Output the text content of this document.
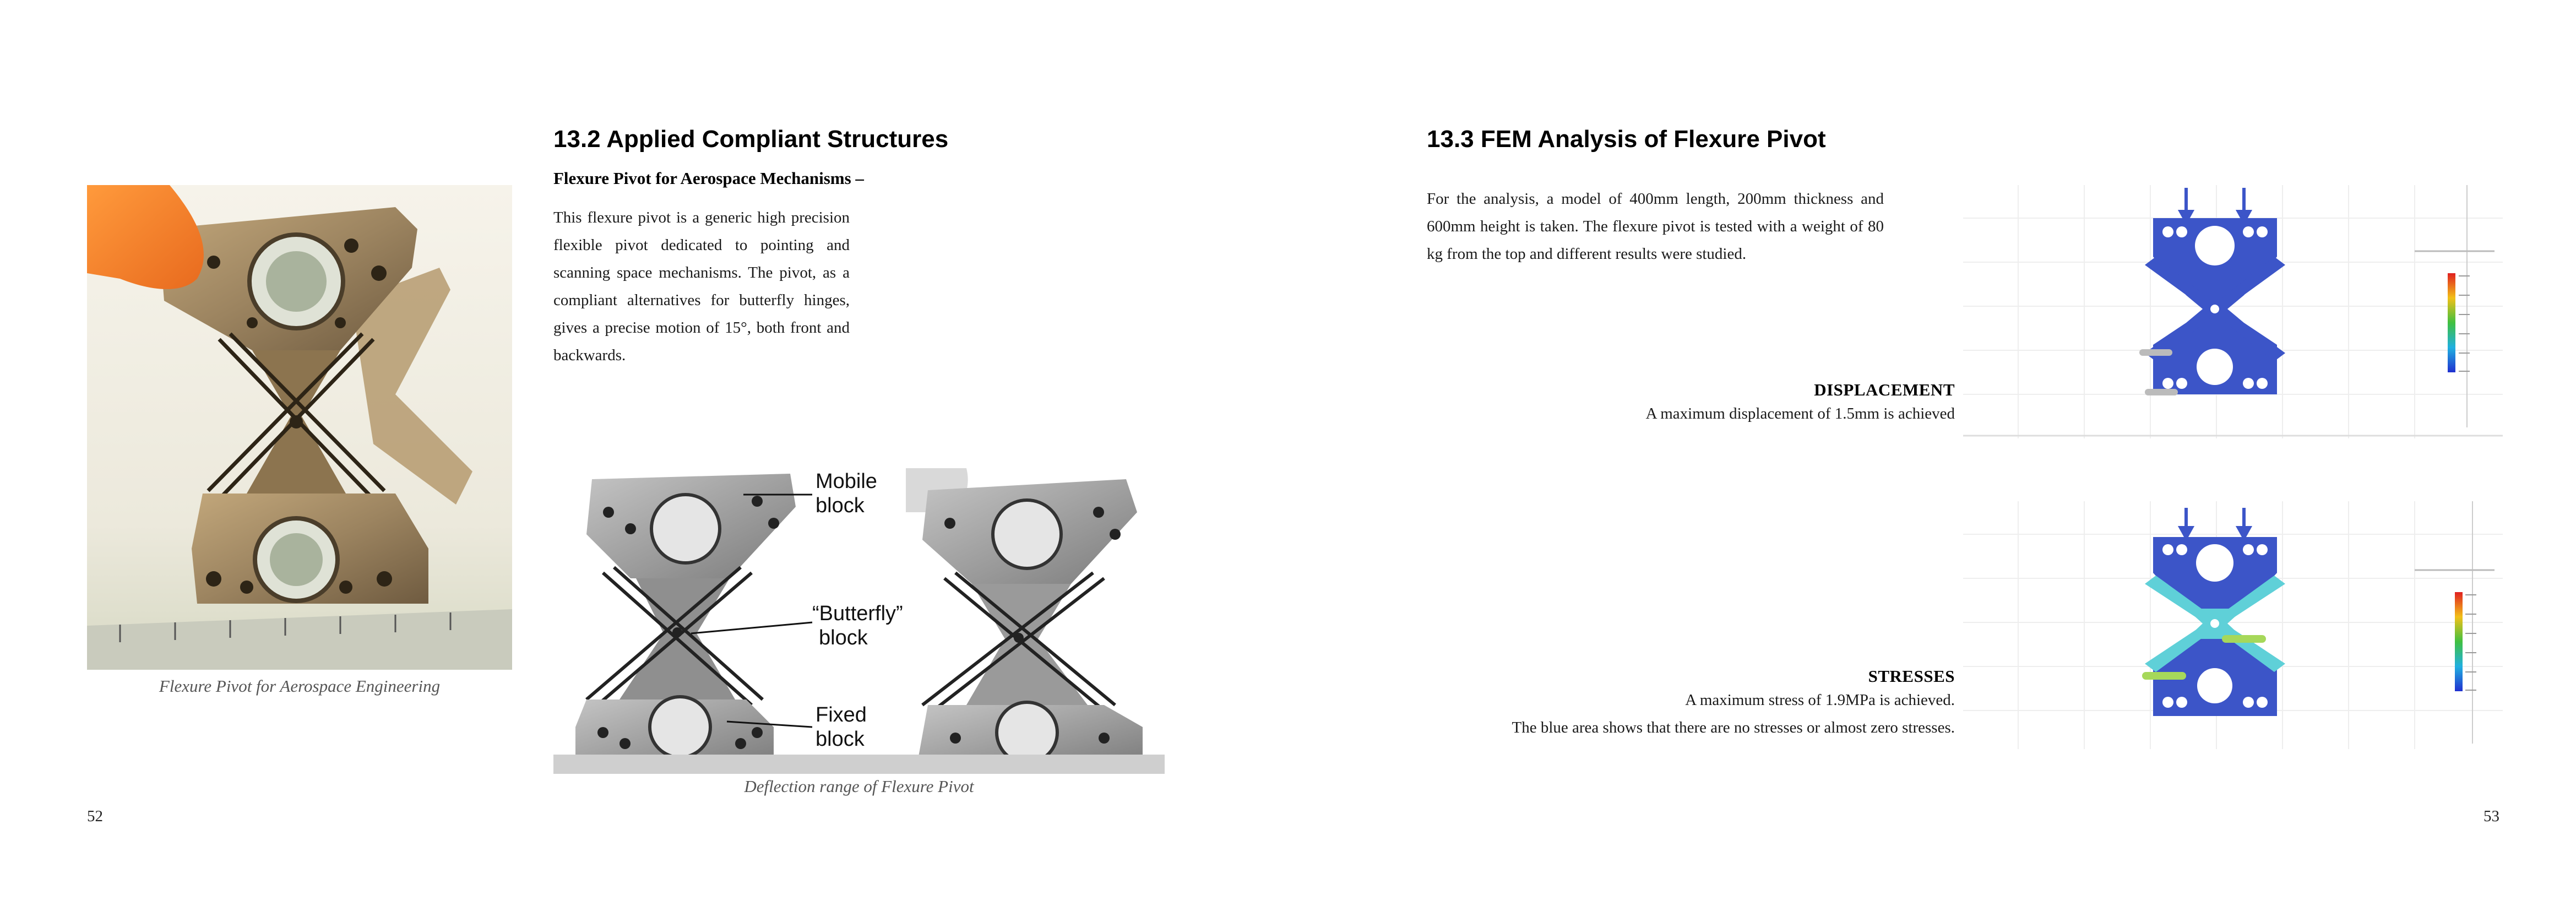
Flexure Pivot for Aerospace Engineering
13.2 Applied Compliant Structures
Flexure Pivot for Aerospace Mechanisms –
This flexure pivot is a generic high precision flexible pivot dedicated to pointing and scanning space mechanisms. The pivot, as a compliant alternatives for butterfly hinges, gives a precise motion of 15°, both front and backwards.
Mobile
block
“Butterfly”
block
Fixed
block
Deflection range of Flexure Pivot
52
13.3 FEM Analysis of Flexure Pivot
For the analysis, a model of 400mm length, 200mm thickness and 600mm height is taken. The flexure pivot is tested with a weight of 80 kg from the top and different results were studied.
DISPLACEMENT
A maximum displacement of 1.5mm is achieved
STRESSES
A maximum stress of 1.9MPa is achieved.
The blue area shows that there are no stresses or almost zero stresses.
53
